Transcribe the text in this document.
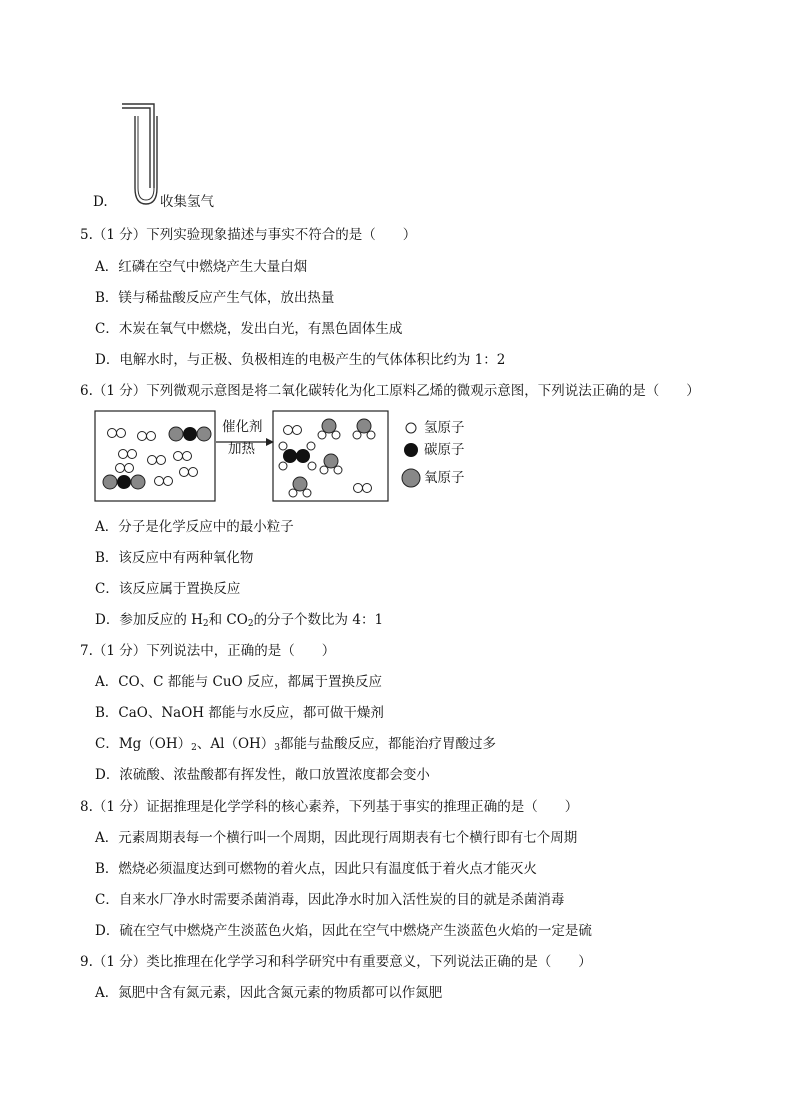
D.	收集氢气
5.（1 分）下列实验现象描述与事实不符合的是（　　）
A．红磷在空气中燃烧产生大量白烟
B．镁与稀盐酸反应产生气体，放出热量
C．木炭在氧气中燃烧，发出白光，有黑色固体生成
D．电解水时，与正极、负极相连的电极产生的气体体积比约为 1：2
6.（1 分）下列微观示意图是将二氧化碳转化为化工原料乙烯的微观示意图，下列说法正确的是（　　）
催化剂
加热
氢原子
碳原子
氧原子
A．分子是化学反应中的最小粒子
B．该反应中有两种氧化物
C．该反应属于置换反应
D．参加反应的 $H_2$和 $CO_2$的分子个数比为 4：1
7.（1 分）下列说法中，正确的是（　　）
A．CO、C 都能与 CuO 反应，都属于置换反应
B．CaO、NaOH 都能与水反应，都可做干燥剂
C．$Mg(OH)_2$、$Al(OH)_3$都能与盐酸反应，都能治疗胃酸过多
D．浓硫酸、浓盐酸都有挥发性，敞口放置浓度都会变小
8.（1 分）证据推理是化学学科的核心素养，下列基于事实的推理正确的是（　　）
A．元素周期表每一个横行叫一个周期，因此现行周期表有七个横行即有七个周期
B．燃烧必须温度达到可燃物的着火点，因此只有温度低于着火点才能灭火
C．自来水厂净水时需要杀菌消毒，因此净水时加入活性炭的目的就是杀菌消毒
D．硫在空气中燃烧产生淡蓝色火焰，因此在空气中燃烧产生淡蓝色火焰的一定是硫
9.（1 分）类比推理在化学学习和科学研究中有重要意义，下列说法正确的是（　　）
A．氮肥中含有氮元素，因此含氮元素的物质都可以作氮肥
